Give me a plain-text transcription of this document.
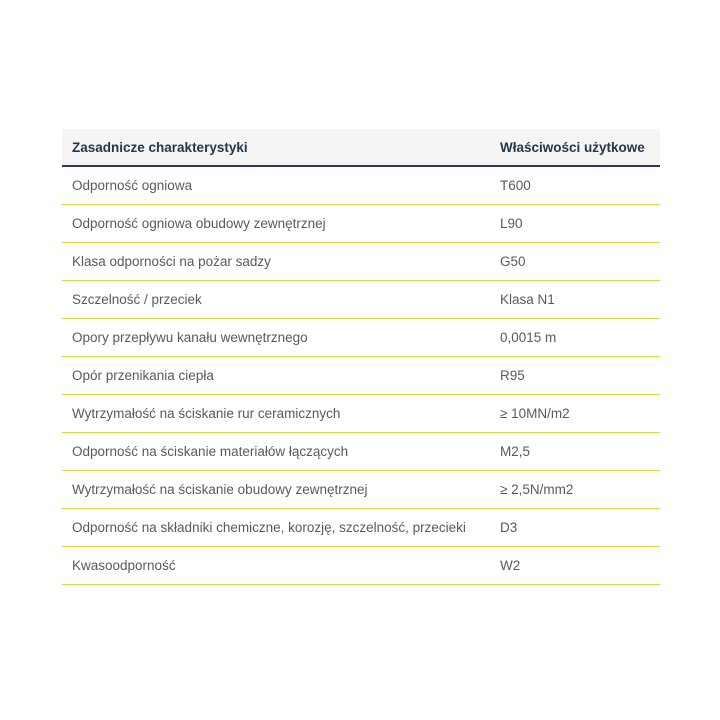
Zasadnicze charakterystyki	Właściwości użytkowe
Odporność ogniowa	T600
Odporność ogniowa obudowy zewnętrznej	L90
Klasa odporności na pożar sadzy	G50
Szczelność / przeciek	Klasa N1
Opory przepływu kanału wewnętrznego	0,0015 m
Opór przenikania ciepła	R95
Wytrzymałość na ściskanie rur ceramicznych	≥ 10MN/m2
Odporność na ściskanie materiałów łączących	M2,5
Wytrzymałość na ściskanie obudowy zewnętrznej	≥ 2,5N/mm2
Odporność na składniki chemiczne, korozję, szczelność, przecieki	D3
Kwasoodporność	W2
